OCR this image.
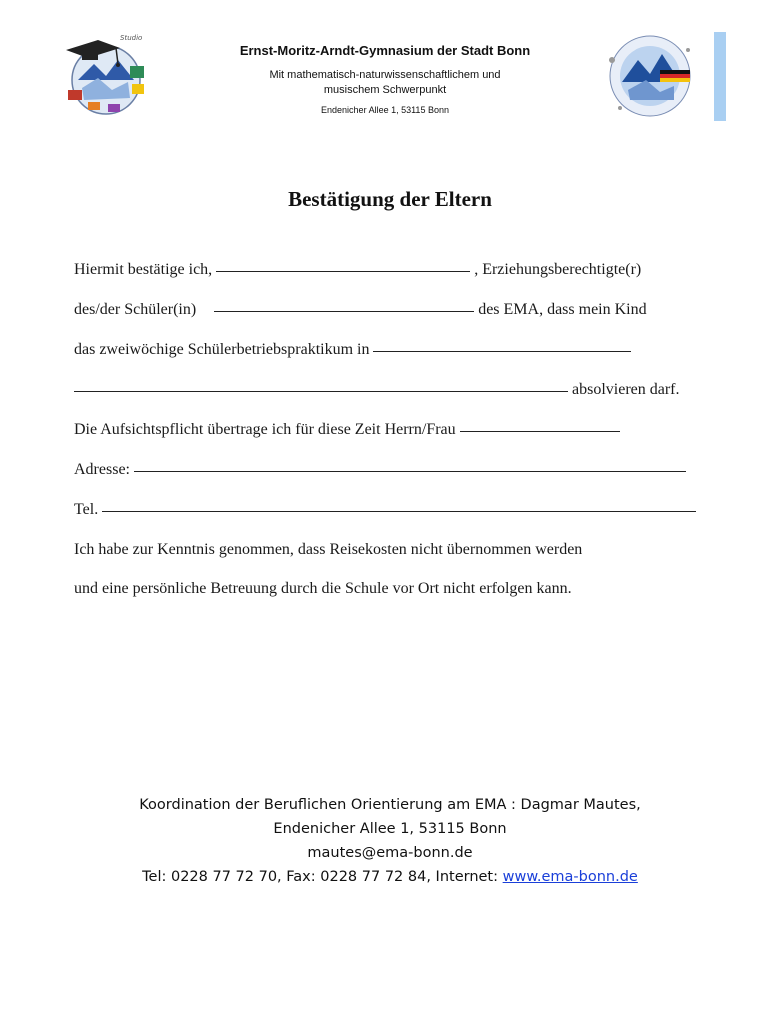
Studio
Ernst-Moritz-Arndt-Gymnasium der Stadt Bonn
Mit mathematisch-naturwissenschaftlichem und
musischem Schwerpunkt
Endenicher Allee 1, 53115 Bonn
Bestätigung der Eltern
Hiermit bestätige ich,	, Erziehungsberechtigte(r)
des/der Schüler(in)	des EMA, dass mein Kind
das zweiwöchige Schülerbetriebspraktikum in
absolvieren darf.
Die Aufsichtspflicht übertrage ich für diese Zeit Herrn/Frau
Adresse:
Tel.
Ich habe zur Kenntnis genommen, dass Reisekosten nicht übernommen werden
und eine persönliche Betreuung durch die Schule vor Ort nicht erfolgen kann.
Koordination der Beruflichen Orientierung am EMA : Dagmar Mautes,
Endenicher Allee 1, 53115 Bonn
mautes@ema-bonn.de
Tel: 0228 77 72 70, Fax: 0228 77 72 84, Internet: www.ema-bonn.de
